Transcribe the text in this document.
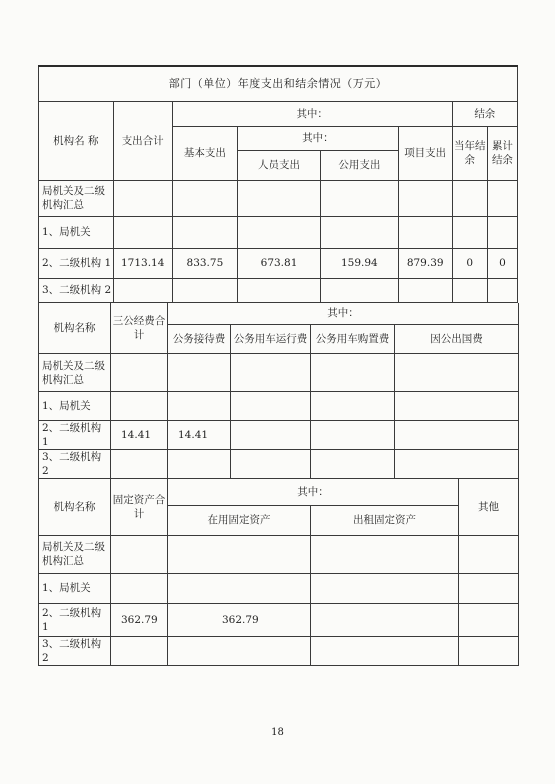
部门（单位）年度支出和结余情况（万元）							
机构名 称	支出合计	其中：				结余	
		基本支出	其中：		项目支出	当年结余	累计结余
			人员支出	公用支出			
局机关及二级机构汇总							
1、局机关							
2、二级机构 1	1713.14	833.75	673.81	159.94	879.39	0	0
3、二级机构 2							
机构名称	三公经费合计	其中：			
		公务接待费	公务用车运行费	公务用车购置费	因公出国费
局机关及二级机构汇总					
1、局机关					
2、二级机构 1	14.41	14.41			
3、二级机构 2					
机构名称	固定资产合计	其中：		其他
		在用固定资产	出租固定资产	
局机关及二级机构汇总				
1、局机关				
2、二级机构 1	362.79	362.79		
3、二级机构 2				
18
